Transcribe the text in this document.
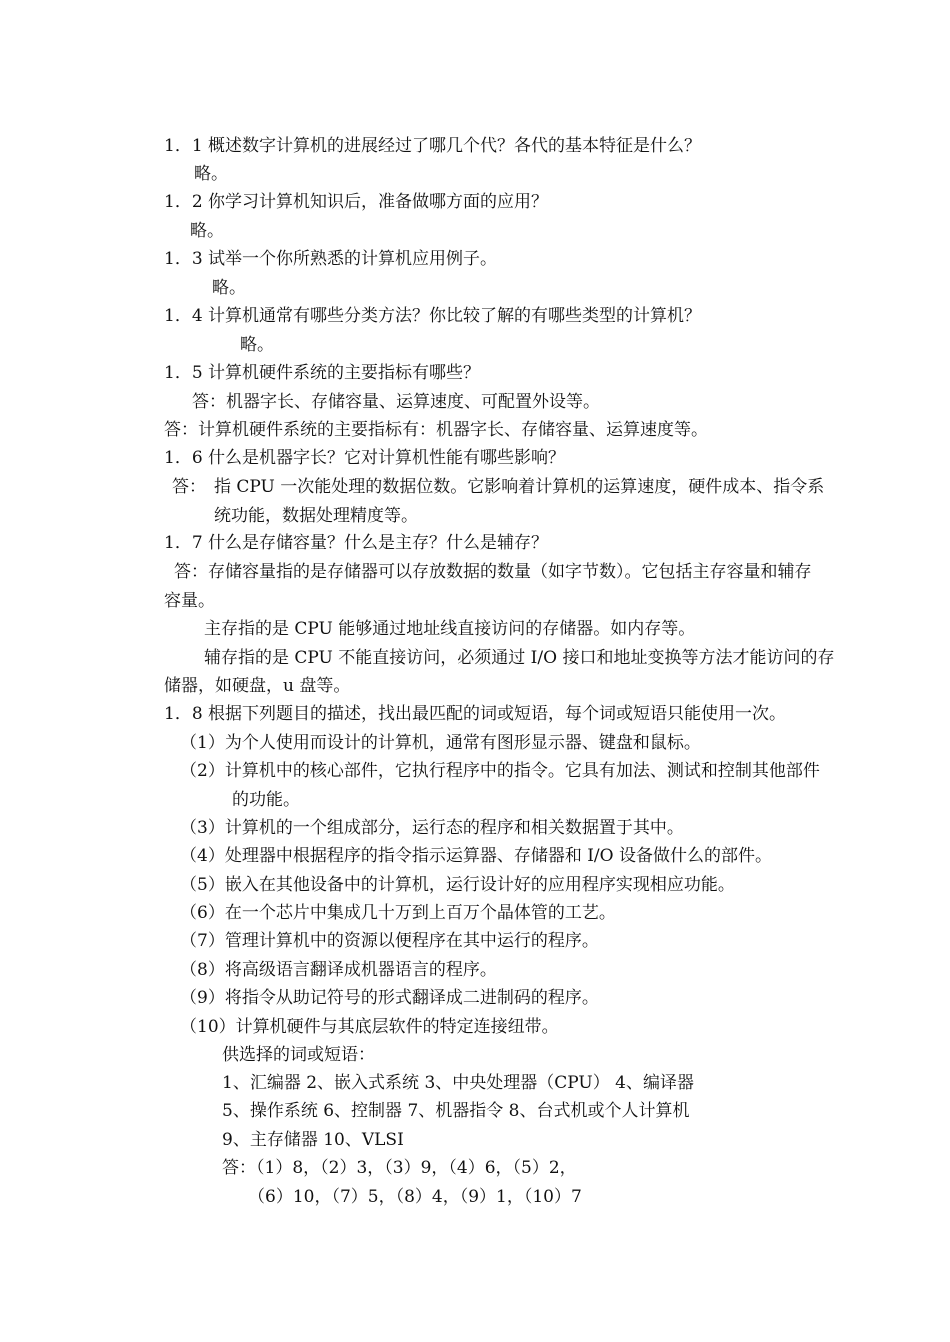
1．1 概述数字计算机的进展经过了哪几个代？各代的基本特征是什么？
略。
1．2 你学习计算机知识后，准备做哪方面的应用？
略。
1．3 试举一个你所熟悉的计算机应用例子。
略。
1．4 计算机通常有哪些分类方法？你比较了解的有哪些类型的计算机？
略。
1．5 计算机硬件系统的主要指标有哪些？
答：机器字长、存储容量、运算速度、可配置外设等。
答：计算机硬件系统的主要指标有：机器字长、存储容量、运算速度等。
1．6 什么是机器字长？它对计算机性能有哪些影响？
答： 指 CPU 一次能处理的数据位数。它影响着计算机的运算速度，硬件成本、指令系
统功能，数据处理精度等。
1．7 什么是存储容量？什么是主存？什么是辅存？
答：存储容量指的是存储器可以存放数据的数量（如字节数）。它包括主存容量和辅存
容量。
主存指的是 CPU 能够通过地址线直接访问的存储器。如内存等。
辅存指的是 CPU 不能直接访问，必须通过 I/O 接口和地址变换等方法才能访问的存
储器，如硬盘，u 盘等。
1．8 根据下列题目的描述，找出最匹配的词或短语，每个词或短语只能使用一次。
（1）为个人使用而设计的计算机，通常有图形显示器、键盘和鼠标。
（2）计算机中的核心部件，它执行程序中的指令。它具有加法、测试和控制其他部件
的功能。
（3）计算机的一个组成部分，运行态的程序和相关数据置于其中。
（4）处理器中根据程序的指令指示运算器、存储器和 I/O 设备做什么的部件。
（5）嵌入在其他设备中的计算机，运行设计好的应用程序实现相应功能。
（6）在一个芯片中集成几十万到上百万个晶体管的工艺。
（7）管理计算机中的资源以便程序在其中运行的程序。
（8）将高级语言翻译成机器语言的程序。
（9）将指令从助记符号的形式翻译成二进制码的程序。
（10）计算机硬件与其底层软件的特定连接纽带。
供选择的词或短语：
1、汇编器 2、嵌入式系统 3、中央处理器（CPU） 4、编译器
5、操作系统 6、控制器 7、机器指令 8、台式机或个人计算机
9、主存储器 10、VLSI
答：（1）8，（2）3，（3）9，（4）6，（5）2，
（6）10，（7）5，（8）4，（9）1，（10）7
